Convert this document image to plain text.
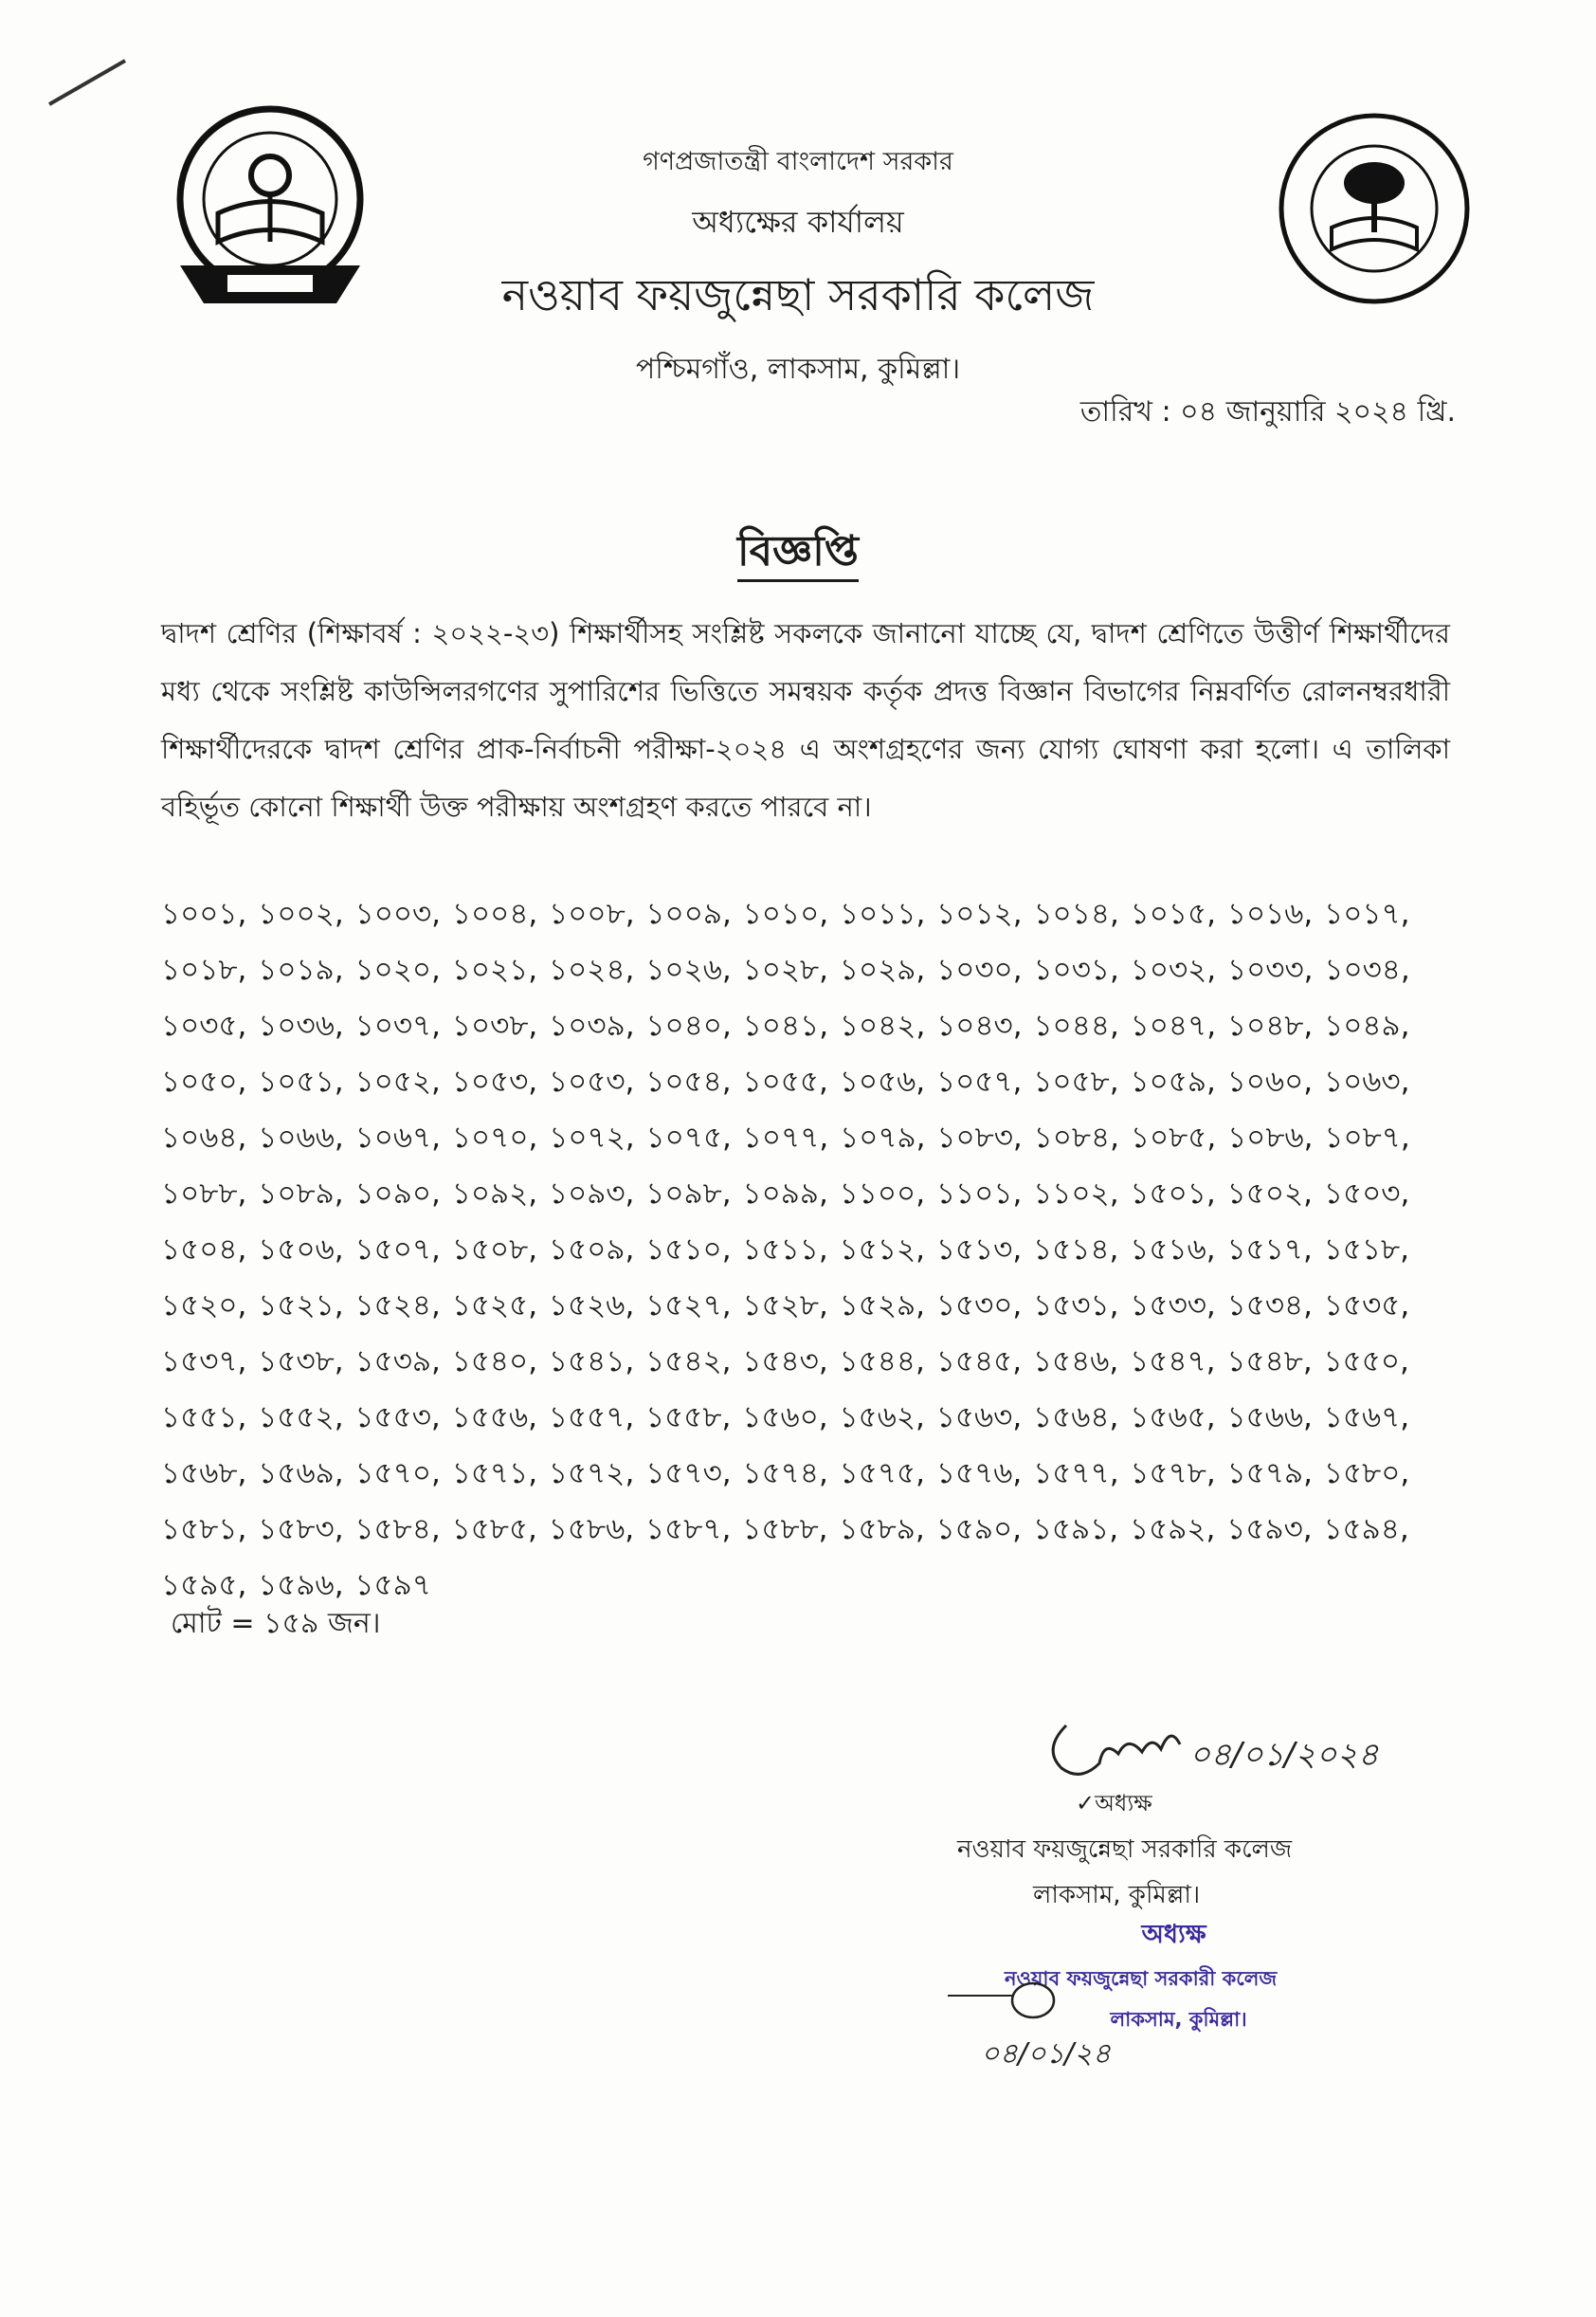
গণপ্রজাতন্ত্রী বাংলাদেশ সরকার
অধ্যক্ষের কার্যালয়
নওয়াব ফয়জুন্নেছা সরকারি কলেজ
পশ্চিমগাঁও, লাকসাম, কুমিল্লা।
তারিখ : ০৪ জানুয়ারি ২০২৪ খ্রি.
বিজ্ঞপ্তি
দ্বাদশ শ্রেণির (শিক্ষাবর্ষ : ২০২২-২৩) শিক্ষার্থীসহ সংশ্লিষ্ট সকলকে জানানো যাচ্ছে যে, দ্বাদশ শ্রেণিতে উত্তীর্ণ শিক্ষার্থীদের মধ্য থেকে সংশ্লিষ্ট কাউন্সিলরগণের সুপারিশের ভিত্তিতে সমন্বয়ক কর্তৃক প্রদত্ত বিজ্ঞান বিভাগের নিম্নবর্ণিত রোলনম্বরধারী শিক্ষার্থীদেরকে দ্বাদশ শ্রেণির প্রাক-নির্বাচনী পরীক্ষা-২০২৪ এ অংশগ্রহণের জন্য যোগ্য ঘোষণা করা হলো। এ তালিকা বহির্ভূত কোনো শিক্ষার্থী উক্ত পরীক্ষায় অংশগ্রহণ করতে পারবে না।
১০০১, ১০০২, ১০০৩, ১০০৪, ১০০৮, ১০০৯, ১০১০, ১০১১, ১০১২, ১০১৪, ১০১৫, ১০১৬, ১০১৭, ১০১৮, ১০১৯, ১০২০, ১০২১, ১০২৪, ১০২৬, ১০২৮, ১০২৯, ১০৩০, ১০৩১, ১০৩২, ১০৩৩, ১০৩৪, ১০৩৫, ১০৩৬, ১০৩৭, ১০৩৮, ১০৩৯, ১০৪০, ১০৪১, ১০৪২, ১০৪৩, ১০৪৪, ১০৪৭, ১০৪৮, ১০৪৯, ১০৫০, ১০৫১, ১০৫২, ১০৫৩, ১০৫৩, ১০৫৪, ১০৫৫, ১০৫৬, ১০৫৭, ১০৫৮, ১০৫৯, ১০৬০, ১০৬৩, ১০৬৪, ১০৬৬, ১০৬৭, ১০৭০, ১০৭২, ১০৭৫, ১০৭৭, ১০৭৯, ১০৮৩, ১০৮৪, ১০৮৫, ১০৮৬, ১০৮৭, ১০৮৮, ১০৮৯, ১০৯০, ১০৯২, ১০৯৩, ১০৯৮, ১০৯৯, ১১০০, ১১০১, ১১০২, ১৫০১, ১৫০২, ১৫০৩, ১৫০৪, ১৫০৬, ১৫০৭, ১৫০৮, ১৫০৯, ১৫১০, ১৫১১, ১৫১২, ১৫১৩, ১৫১৪, ১৫১৬, ১৫১৭, ১৫১৮, ১৫২০, ১৫২১, ১৫২৪, ১৫২৫, ১৫২৬, ১৫২৭, ১৫২৮, ১৫২৯, ১৫৩০, ১৫৩১, ১৫৩৩, ১৫৩৪, ১৫৩৫, ১৫৩৭, ১৫৩৮, ১৫৩৯, ১৫৪০, ১৫৪১, ১৫৪২, ১৫৪৩, ১৫৪৪, ১৫৪৫, ১৫৪৬, ১৫৪৭, ১৫৪৮, ১৫৫০, ১৫৫১, ১৫৫২, ১৫৫৩, ১৫৫৬, ১৫৫৭, ১৫৫৮, ১৫৬০, ১৫৬২, ১৫৬৩, ১৫৬৪, ১৫৬৫, ১৫৬৬, ১৫৬৭, ১৫৬৮, ১৫৬৯, ১৫৭০, ১৫৭১, ১৫৭২, ১৫৭৩, ১৫৭৪, ১৫৭৫, ১৫৭৬, ১৫৭৭, ১৫৭৮, ১৫৭৯, ১৫৮০, ১৫৮১, ১৫৮৩, ১৫৮৪, ১৫৮৫, ১৫৮৬, ১৫৮৭, ১৫৮৮, ১৫৮৯, ১৫৯০, ১৫৯১, ১৫৯২, ১৫৯৩, ১৫৯৪, ১৫৯৫, ১৫৯৬, ১৫৯৭
মোট = ১৫৯ জন।
০৪/০১/২০২৪
✓অধ্যক্ষ
নওয়াব ফয়জুন্নেছা সরকারি কলেজ
লাকসাম, কুমিল্লা।
অধ্যক্ষ
নওয়াব ফয়জুন্নেছা সরকারী কলেজ
লাকসাম, কুমিল্লা।
০৪/০১/২৪
